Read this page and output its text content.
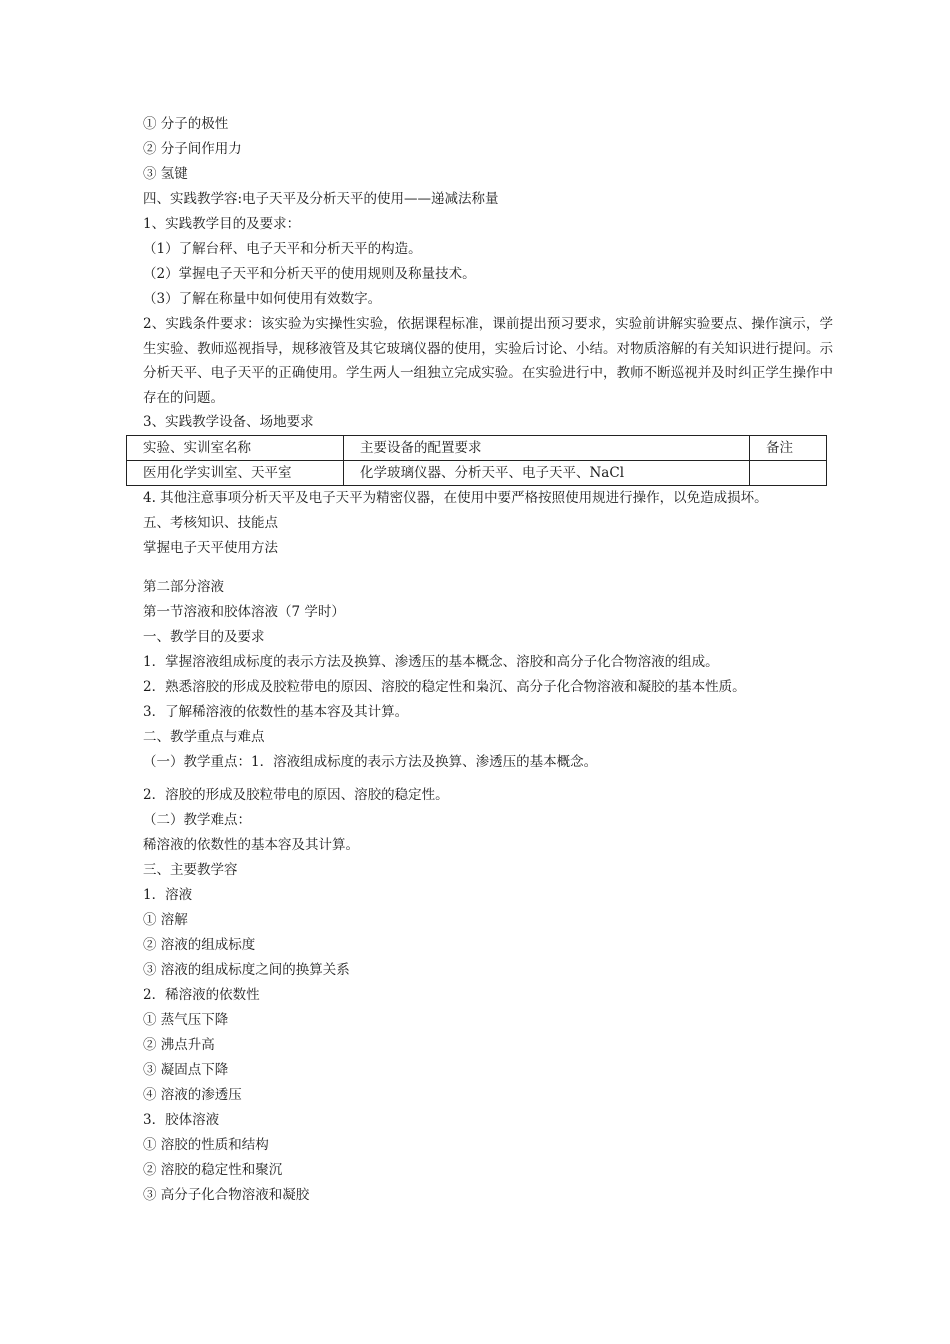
① 分子的极性

② 分子间作用力

③ 氢键

四、实践教学容:电子天平及分析天平的使用——递减法称量

1、实践教学目的及要求：

（1）了解台秤、电子天平和分析天平的构造。

（2）掌握电子天平和分析天平的使用规则及称量技术。

（3）了解在称量中如何使用有效数字。

2、实践条件要求：该实验为实操性实验，依据课程标准，课前提出预习要求，实验前讲解实验要点、操作演示，学生实验、教师巡视指导，规移液管及其它玻璃仪器的使用，实验后讨论、小结。对物质溶解的有关知识进行提问。示分析天平、电子天平的正确使用。学生两人一组独立完成实验。在实验进行中，教师不断巡视并及时纠正学生操作中存在的问题。

3、实践教学设备、场地要求

实验、实训室名称	主要设备的配置要求	备注
医用化学实训室、天平室	化学玻璃仪器、分析天平、电子天平、NaCl	

4. 其他注意事项分析天平及电子天平为精密仪器，在使用中要严格按照使用规进行操作，以免造成损坏。

五、考核知识、技能点

掌握电子天平使用方法

第二部分溶液

第一节溶液和胶体溶液（7 学时）

一、教学目的及要求

1．掌握溶液组成标度的表示方法及换算、渗透压的基本概念、溶胶和高分子化合物溶液的组成。

2．熟悉溶胶的形成及胶粒带电的原因、溶胶的稳定性和枭沉、高分子化合物溶液和凝胶的基本性质。

3．了解稀溶液的依数性的基本容及其计算。

二、教学重点与难点

（一）教学重点：1．溶液组成标度的表示方法及换算、渗透压的基本概念。

2．溶胶的形成及胶粒带电的原因、溶胶的稳定性。

（二）教学难点：

稀溶液的依数性的基本容及其计算。

三、主要教学容

1．溶液

① 溶解

② 溶液的组成标度

③ 溶液的组成标度之间的换算关系

2．稀溶液的依数性

① 蒸气压下降

② 沸点升高

③ 凝固点下降

④ 溶液的渗透压

3．胶体溶液

① 溶胶的性质和结构

② 溶胶的稳定性和聚沉

③ 高分子化合物溶液和凝胶
